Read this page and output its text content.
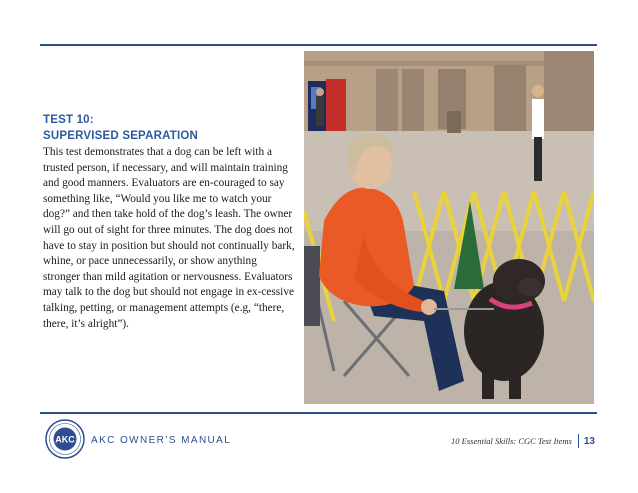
TEST 10:
SUPERVISED SEPARATION

This test demonstrates that a dog can be left with a trusted person, if necessary, and will maintain training and good manners. Evaluators are en-couraged to say something like, “Would you like me to watch your dog?” and then take hold of the dog’s leash. The owner will go out of sight for three minutes. The dog does not have to stay in position but should not continually bark, whine, or pace unnecessarily, or show anything stronger than mild agitation or nervousness. Evaluators may talk to the dog but should not engage in ex-cessive talking, petting, or management attempts (e.g, “there, there, it’s alright”).

AKC AKC OWNER’S MANUAL	10 Essential Skills: CGC Test Items 13
